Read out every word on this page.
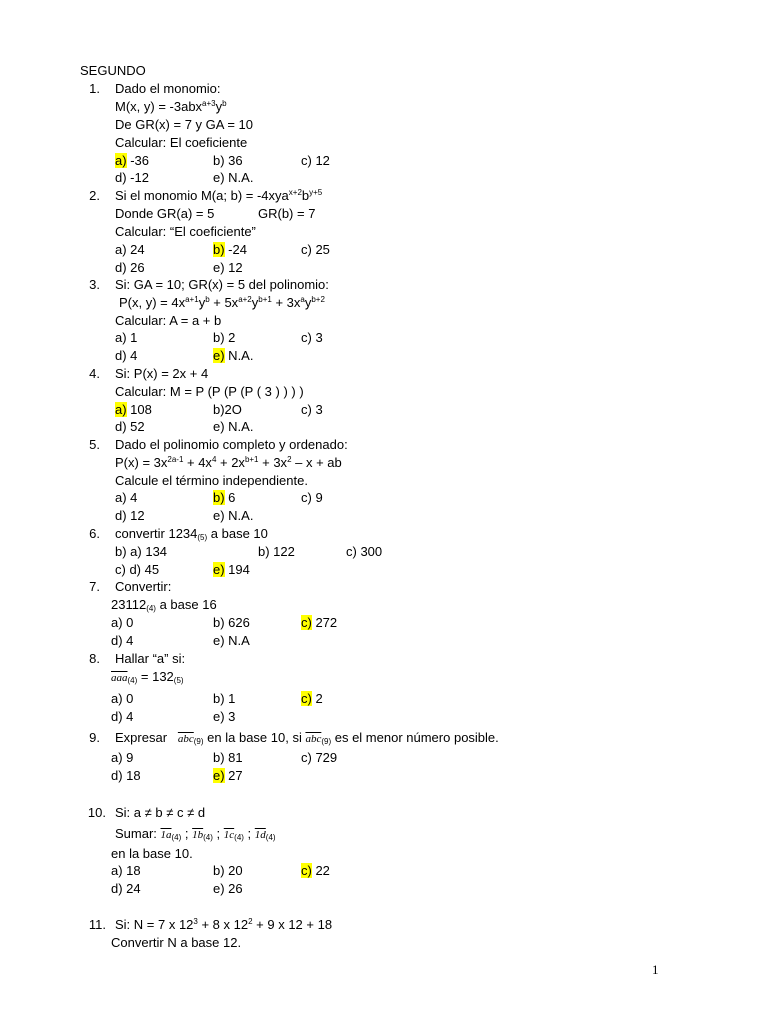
SEGUNDO
1. Dado el monomio:
M(x, $y) = -3abx^{a+3}y^b$
De GR(x) = 7 y GA = 10
Calcular: El coeficiente
a) -36	b) 36	c) 12
d) -12	e) N.A.
2. Si el monomio M(a; $b) = -4xya^{x+2}b^{y+5}$
Donde GR(a) = 5	GR(b) = 7
Calcular: “El coeficiente”
a) 24	b) -24	c) 25
d) 26	e) 12
3. Si: GA = 10; GR(x) = 5 del polinomio:
P(x, $y) = 4x^{a+1}y^b + 5x^{a+2}y^{b+1} + 3x^ay^{b+2}$
Calcular: A = a + b
a) 1	b) 2	c) 3
d) 4	e) N.A.
4. Si: P(x) = 2x + 4
Calcular: M = P (P (P (P ( 3 ) ) ) )
a) 108	b)2O	c) 3
d) 52	e) N.A.
5. Dado el polinomio completo y ordenado:
$P(x) = 3x^{2a-1} + 4x^4 + 2x^{b+1} + 3x^2 - x$ + ab
Calcule el término independiente.
a) 4	b) 6	c) 9
d) 12	e) N.A.
6. convertir $1234_{(5)}$ a base 10
b) a) 134	b) 122	c) 300
c) d) 45	e) 194
7. Convertir:
$23112_{(4)}$ a base 16
a) 0	b) 626	c) 272
d) 4	e) N.A
8. Hallar “a” si:
$\overline{aaa}_{(4)} = 132_{(5)}$
a) 0	b) 1	c) 2
d) 4	e) 3
9. Expresar $\overline{abc}_{(9)}$ en la base 10, si $\overline{abc}_{(9)}$ es el menor número posible.
a) 9	b) 81	c) 729
d) 18	e) 27
10. Si: a ≠ b ≠ c ≠ d
Sumar: $1a_{(4)}$ ; $1b_{(4)}$ ; $1c_{(4)}$ ; $1d_{(4)}$
en la base 10.
a) 18	b) 20	c) 22
d) 24	e) 26
11. Si: N = 7 x $12^3 + 8$ x $12^2 + 9$ x 12 + 18
Convertir N a base 12.
1
